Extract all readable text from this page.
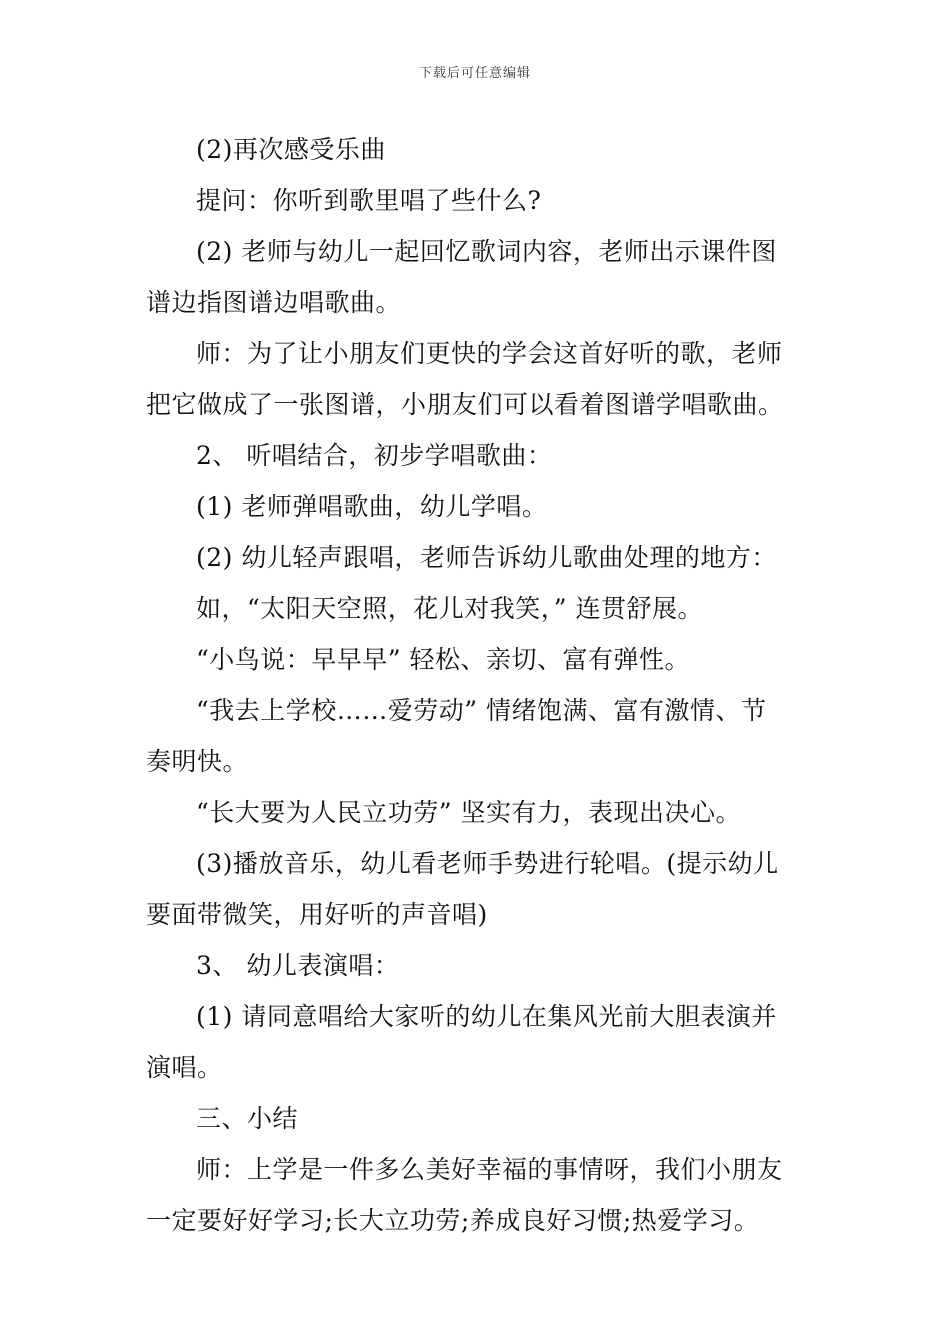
下载后可任意编辑
(2)再次感受乐曲
提问：你听到歌里唱了些什么?
(2) 老师与幼儿一起回忆歌词内容，老师出示课件图
谱边指图谱边唱歌曲。
师：为了让小朋友们更快的学会这首好听的歌，老师
把它做成了一张图谱，小朋友们可以看着图谱学唱歌曲。
2、 听唱结合，初步学唱歌曲：
(1) 老师弹唱歌曲，幼儿学唱。
(2) 幼儿轻声跟唱，老师告诉幼儿歌曲处理的地方：
如，“太阳天空照，花儿对我笑，” 连贯舒展。
“小鸟说：早早早” 轻松、亲切、富有弹性。
“我去上学校……爱劳动” 情绪饱满、富有激情、节
奏明快。
“长大要为人民立功劳” 坚实有力，表现出决心。
(3)播放音乐，幼儿看老师手势进行轮唱。(提示幼儿
要面带微笑，用好听的声音唱)
3、 幼儿表演唱：
(1) 请同意唱给大家听的幼儿在集风光前大胆表演并
演唱。
三、小结
师：上学是一件多么美好幸福的事情呀，我们小朋友
一定要好好学习;长大立功劳;养成良好习惯;热爱学习。
